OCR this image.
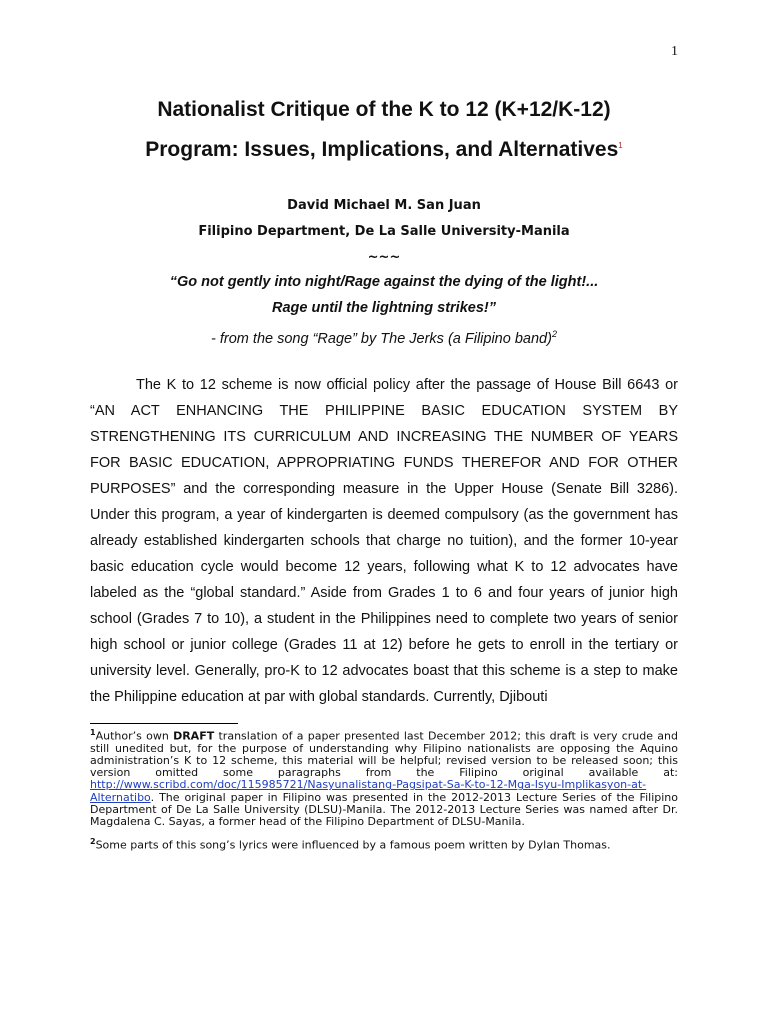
1
Nationalist Critique of the K to 12 (K+12/K-12)
Program: Issues, Implications, and Alternatives$^1$
David Michael M. San Juan
Filipino Department, De La Salle University-Manila
~~~
“Go not gently into night/Rage against the dying of the light!...
Rage until the lightning strikes!”
- from the song “Rage” by The Jerks (a Filipino band)$^2$

The K to 12 scheme is now official policy after the passage of House Bill 6643 or “AN ACT ENHANCING THE PHILIPPINE BASIC EDUCATION SYSTEM BY STRENGTHENING ITS CURRICULUM AND INCREASING THE NUMBER OF YEARS FOR BASIC EDUCATION, APPROPRIATING FUNDS THEREFOR AND FOR OTHER PURPOSES” and the corresponding measure in the Upper House (Senate Bill 3286). Under this program, a year of kindergarten is deemed compulsory (as the government has already established kindergarten schools that charge no tuition), and the former 10-year basic education cycle would become 12 years, following what K to 12 advocates have labeled as the “global standard.” Aside from Grades 1 to 6 and four years of junior high school (Grades 7 to 10), a student in the Philippines need to complete two years of senior high school or junior college (Grades 11 at 12) before he gets to enroll in the tertiary or university level. Generally, pro-K to 12 advocates boast that this scheme is a step to make the Philippine education at par with global standards. Currently, Djibouti

$^1$Author’s own DRAFT translation of a paper presented last December 2012; this draft is very crude and still unedited but, for the purpose of understanding why Filipino nationalists are opposing the Aquino administration’s K to 12 scheme, this material will be helpful; revised version to be released soon; this version omitted some paragraphs from the Filipino original available at: http://www.scribd.com/doc/115985721/Nasyunalistang-Pagsipat-Sa-K-to-12-Mga-Isyu-Implikasyon-at-Alternatibo. The original paper in Filipino was presented in the 2012-2013 Lecture Series of the Filipino Department of De La Salle University (DLSU)-Manila. The 2012-2013 Lecture Series was named after Dr. Magdalena C. Sayas, a former head of the Filipino Department of DLSU-Manila.

$^2$Some parts of this song’s lyrics were influenced by a famous poem written by Dylan Thomas.
